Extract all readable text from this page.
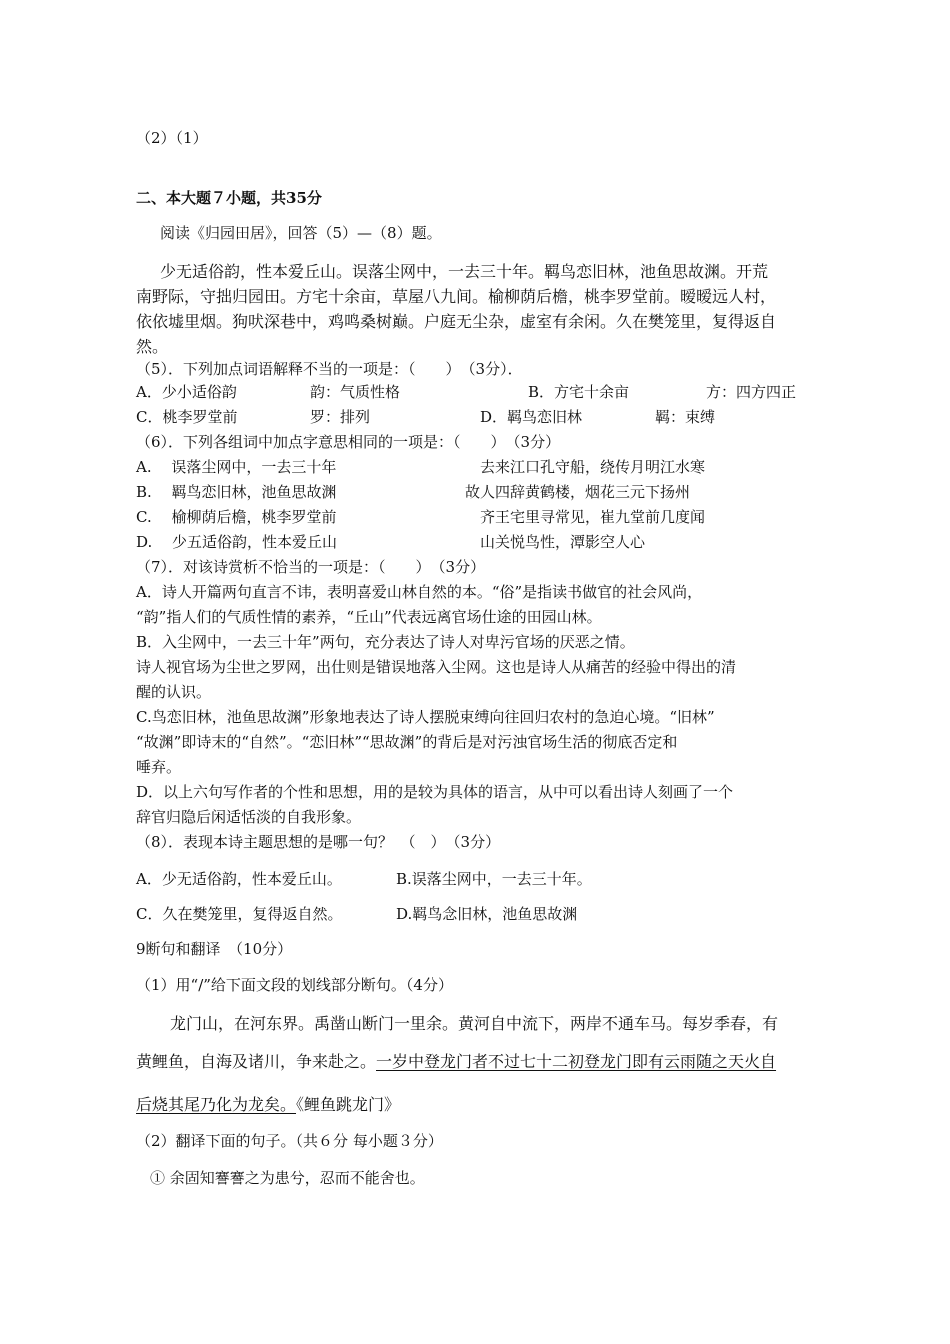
（2）（1）
二、本大题７小题，共35分
阅读《归园田居》，回答（5）—（8）题。
少无适俗韵，性本爱丘山。误落尘网中，一去三十年。羁鸟恋旧林，池鱼思故渊。开荒
南野际，守拙归园田。方宅十余亩，草屋八九间。榆柳荫后檐，桃李罗堂前。暧暧远人村，
依依墟里烟。狗吠深巷中，鸡鸣桑树巅。户庭无尘杂，虚室有余闲。久在樊笼里，复得返自
然。
（5）．下列加点词语解释不当的一项是：（　　）　（3分）．
A．少小适俗韵	韵：气质性格	B．方宅十余亩	方：四方四正
C．桃李罗堂前	罗：排列	D．羁鸟恋旧林	羁：束缚
（6）．下列各组词中加点字意思相同的一项是：（　　）　（3分）
A.　 误落尘网中，一去三十年	去来江口孔守船，绕传月明江水寒
B.　 羁鸟恋旧林，池鱼思故渊	故人四辞黄鹤楼，烟花三元下扬州
C.　 榆柳荫后檐，桃李罗堂前	齐王宅里寻常见，崔九堂前几度闻
D.　 少五适俗韵，性本爱丘山	山关悦鸟性，潭影空人心
（7）．对该诗赏析不恰当的一项是：（　　）　（3分）
A．诗人开篇两句直言不讳，表明喜爱山林自然的本。“俗”是指读书做官的社会风尚，
“韵”指人们的气质性情的素养，“丘山”代表远离官场仕途的田园山林。
B．入尘网中，一去三十年”两句，充分表达了诗人对卑污官场的厌恶之情。
诗人视官场为尘世之罗网，出仕则是错误地落入尘网。这也是诗人从痛苦的经验中得出的清
醒的认识。
C.鸟恋旧林，池鱼思故渊”形象地表达了诗人摆脱束缚向往回归农村的急迫心境。“旧林”
“故渊”即诗末的“自然”。“恋旧林”“思故渊”的背后是对污浊官场生活的彻底否定和
唾弃。
D．以上六句写作者的个性和思想，用的是较为具体的语言，从中可以看出诗人刻画了一个
辞官归隐后闲适恬淡的自我形象。
（8）．表现本诗主题思想的是哪一句？　（　）　（3分）
A．少无适俗韵，性本爱丘山。	B.误落尘网中，一去三十年。
C．久在樊笼里，复得返自然。	D.羁鸟念旧林，池鱼思故渊
9断句和翻译　（10分）
（1）用“/”给下面文段的划线部分断句。（4分）
龙门山，在河东界。禹凿山断门一里余。黄河自中流下，两岸不通车马。每岁季春，有
黄鲤鱼，自海及诸川，争来赴之。一岁中登龙门者不过七十二初登龙门即有云雨随之天火自
后烧其尾乃化为龙矣。《鲤鱼跳龙门》
（2）翻译下面的句子。（共６分 每小题３分）
① 余固知謇謇之为患兮，忍而不能舍也。
